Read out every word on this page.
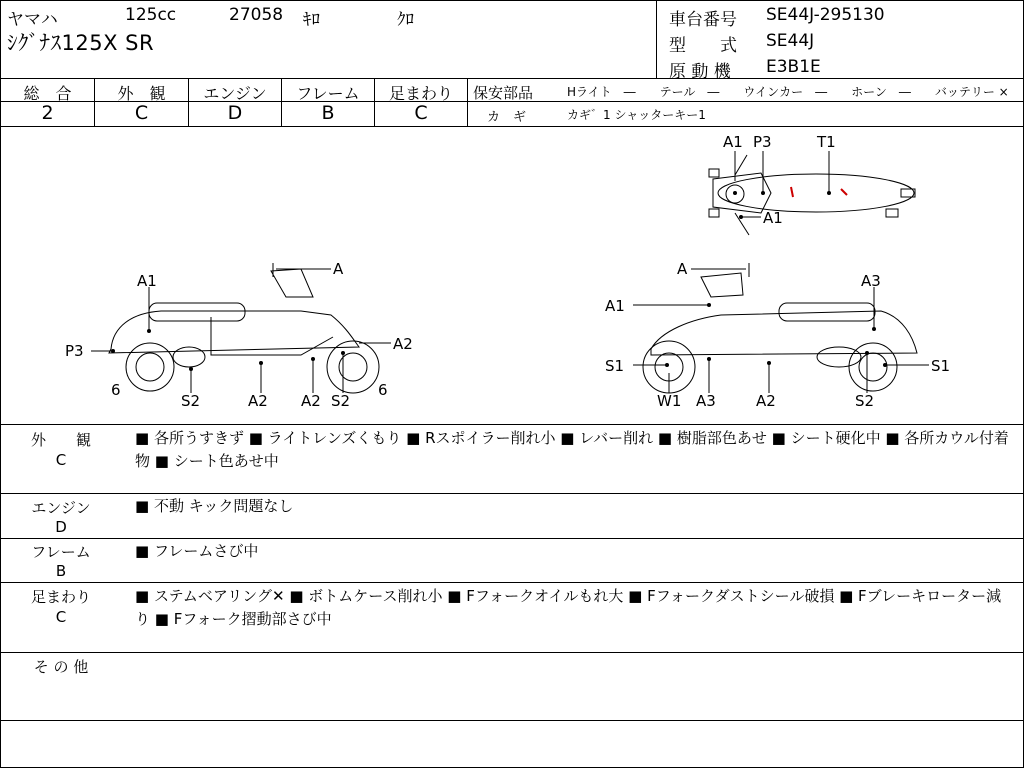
ヤマハ	125cc	27058 ｷﾛ	ｸﾛ
ｼｸﾞﾅｽ125X SR
車台番号 SE44J-295130
型　　式 SE44J
原 動 機 E3B1E
総　合	外　観	エンジン	フレーム	足まわり
2	C	D	B	C
保安部品	Hライト　―　　テール　―　　ウインカー　―　　ホーン　―　　バッテリー ×
カ　ギ	カギ゛1 シャッターキー1
A1 P3	T1
A1
A
A1
P3	A2
6	6
S2	A2 A2 S2
A
A3
A1
S1	S1
W1 A3	A2	S2
外　　観
C
■ 各所うすきず ■ ライトレンズくもり ■ Rスポイラー削れ小 ■ レバー削れ ■ 樹脂部色あせ ■ シート硬化中 ■ 各所カウル付着物 ■ シート色あせ中
エンジン
D
■ 不動 キック問題なし
フレーム
B
■ フレームさび中
足まわり
C
■ ステムベアリング✕ ■ ボトムケース削れ小 ■ Fフォークオイルもれ大 ■ Fフォークダストシール破損 ■ Fブレーキローター減り ■ Fフォーク摺動部さび中
そ の 他
